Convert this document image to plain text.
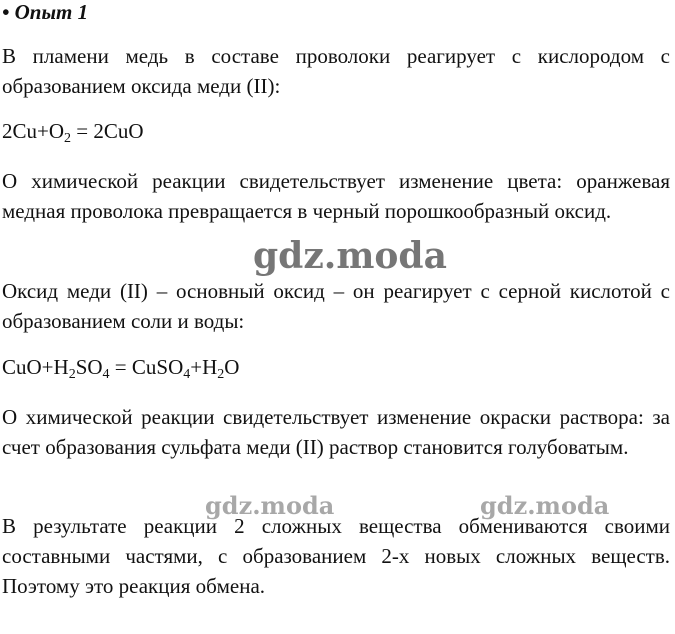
• Опыт 1

В пламени медь в составе проволоки реагирует с кислородом с образованием оксида меди (II):

$2Cu+O_2 = 2CuO$

О химической реакции свидетельствует изменение цвета: оранжевая медная проволока превращается в черный порошкообразный оксид.

Оксид меди (II) – основный оксид – он реагирует с серной кислотой с образованием соли и воды:

$CuO+H_2SO_4$ = $CuSO_4+H_2O$

О химической реакции свидетельствует изменение окраски раствора: за счет образования сульфата меди (II) раствор становится голубоватым.

В результате реакции 2 сложных вещества обмениваются своими составными частями, с образованием 2-х новых сложных веществ. Поэтому это реакция обмена.

gdz.moda
gdz.moda	gdz.moda
